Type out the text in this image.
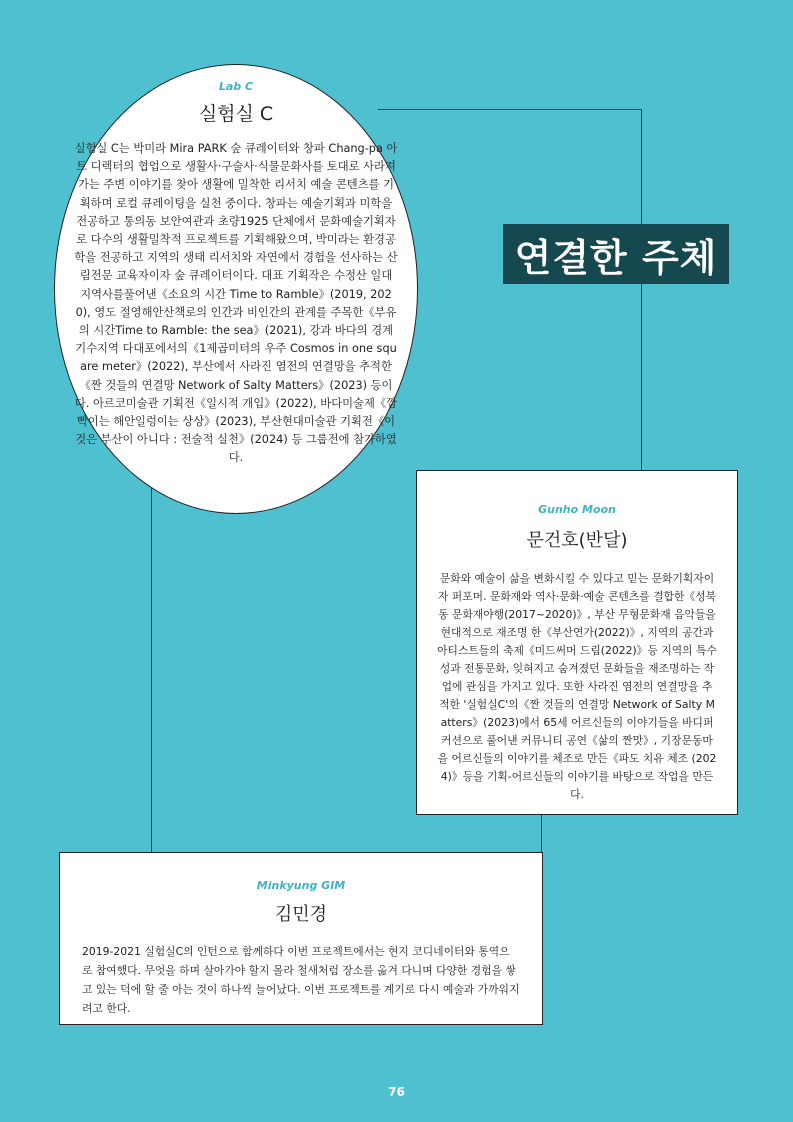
Lab C

실험실 C

실험실 C는 박미라 Mira PARK 숲 큐레이터와 창파 Chang-pa 아트 디렉터의 협업으로 생활사·구술사·식물문화사를 토대로 사라져 가는 주변 이야기를 찾아 생활에 밀착한 리서치 예술 콘텐츠를 기획하며 로컬 큐레이팅을 실천 중이다. 창파는 예술기획과 미학을 전공하고 통의동 보안여관과 초량1925 단체에서 문화예술기획자로 다수의 생활밀착적 프로젝트를 기획해왔으며, 박미라는 환경공학을 전공하고 지역의 생태 리서치와 자연에서 경험을 선사하는 산림전문 교육자이자 숲 큐레이터이다. 대표 기획작은 수정산 일대 지역사를풀어낸《소요의 시간 Time to Ramble》(2019, 2020), 영도 절영해안산책로의 인간과 비인간의 관계를 주목한《부유의 시간Time to Ramble: the sea》(2021), 강과 바다의 경계 기수지역 다대포에서의《1제곱미터의 우주 Cosmos in one square meter》(2022), 부산에서 사라진 염전의 연결망을 추적한《짠 것들의 연결망 Network of Salty Matters》(2023) 등이다. 아르코미술관 기획전《일시적 개입》(2022), 바다미술제《깜빡이는 해안일렁이는 상상》(2023), 부산현대미술관 기획전《이것은 부산이 아니다 : 전술적 실천》(2024) 등 그룹전에 참가하였다.

연결한 주체

Gunho Moon

문건호(반달)

문화와 예술이 삶을 변화시킬 수 있다고 믿는 문화기획자이자 퍼포머. 문화재와 역사·문화·예술 콘텐츠를 결합한《성북동 문화재야행(2017~2020)》, 부산 무형문화재 음악들을 현대적으로 재조명 한《부산연가(2022)》, 지역의 공간과 아티스트들의 축제《미드써머 드림(2022)》등 지역의 특수성과 전통문화, 잊혀지고 숨겨졌던 문화들을 재조명하는 작업에 관심을 가지고 있다. 또한 사라진 염전의 연결망을 추적한 '실험실C'의《짠 것들의 연결망 Network of Salty Matters》(2023)에서 65세 어르신들의 이야기들을 바디퍼커션으로 풀어낸 커뮤니티 공연《삶의 짠맛》, 기장문동마을 어르신들의 이야기를 체조로 만든《파도 치유 체조 (2024)》등을 기획-어르신들의 이야기를 바탕으로 작업을 만든다.

Minkyung GIM

김민경

2019-2021 실험실C의 인턴으로 함께하다 이번 프로젝트에서는 현지 코디네이터와 통역으로 참여했다. 무엇을 하며 살아가야 할지 몰라 철새처럼 장소를 옮겨 다니며 다양한 경험을 쌓고 있는 덕에 할 줄 아는 것이 하나씩 늘어났다. 이번 프로젝트를 계기로 다시 예술과 가까워지려고 한다.

76
